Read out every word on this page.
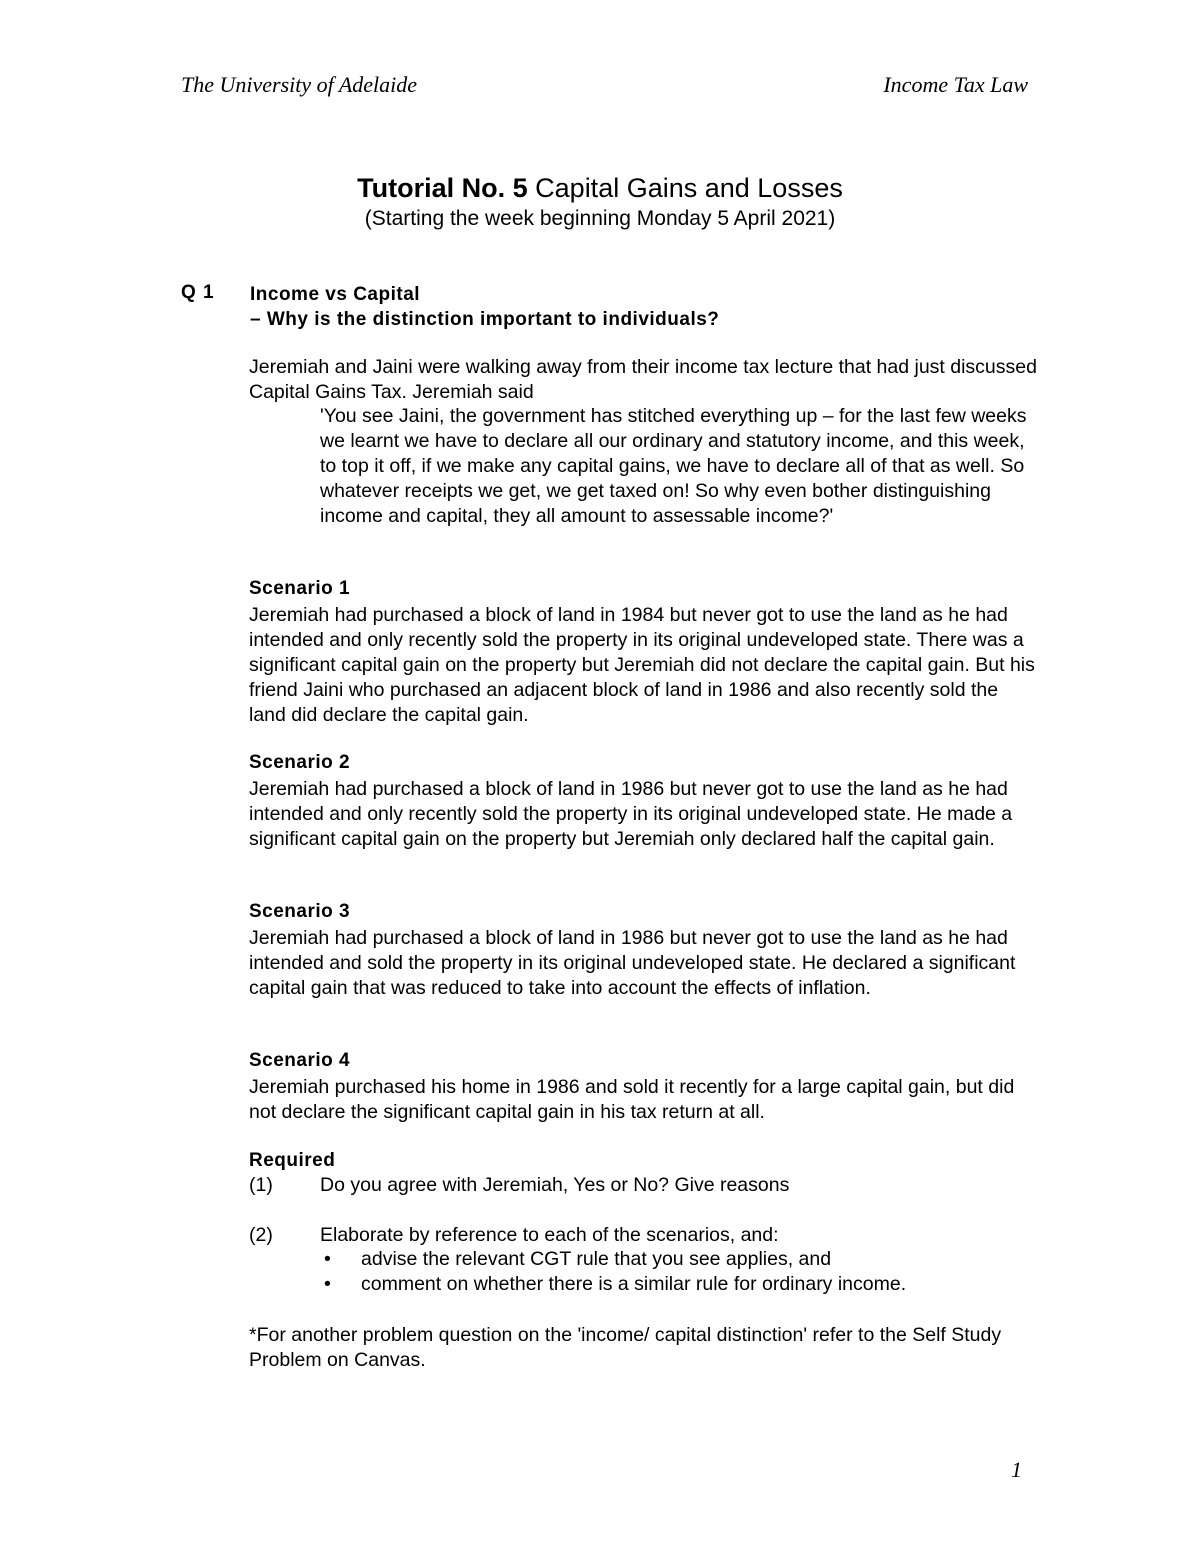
The University of Adelaide	Income Tax Law
Tutorial No. 5 Capital Gains and Losses
(Starting the week beginning Monday 5 April 2021)
Q 1 Income vs Capital
– Why is the distinction important to individuals?
Jeremiah and Jaini were walking away from their income tax lecture that had just discussed Capital Gains Tax. Jeremiah said
'You see Jaini, the government has stitched everything up – for the last few weeks we learnt we have to declare all our ordinary and statutory income, and this week, to top it off, if we make any capital gains, we have to declare all of that as well. So whatever receipts we get, we get taxed on! So why even bother distinguishing income and capital, they all amount to assessable income?'
Scenario 1
Jeremiah had purchased a block of land in 1984 but never got to use the land as he had intended and only recently sold the property in its original undeveloped state. There was a significant capital gain on the property but Jeremiah did not declare the capital gain. But his friend Jaini who purchased an adjacent block of land in 1986 and also recently sold the land did declare the capital gain.
Scenario 2
Jeremiah had purchased a block of land in 1986 but never got to use the land as he had intended and only recently sold the property in its original undeveloped state. He made a significant capital gain on the property but Jeremiah only declared half the capital gain.
Scenario 3
Jeremiah had purchased a block of land in 1986 but never got to use the land as he had intended and sold the property in its original undeveloped state. He declared a significant capital gain that was reduced to take into account the effects of inflation.
Scenario 4
Jeremiah purchased his home in 1986 and sold it recently for a large capital gain, but did not declare the significant capital gain in his tax return at all.
Required
(1) Do you agree with Jeremiah, Yes or No? Give reasons
(2) Elaborate by reference to each of the scenarios, and:
• advise the relevant CGT rule that you see applies, and
• comment on whether there is a similar rule for ordinary income.
*For another problem question on the 'income/ capital distinction' refer to the Self Study Problem on Canvas.
1
